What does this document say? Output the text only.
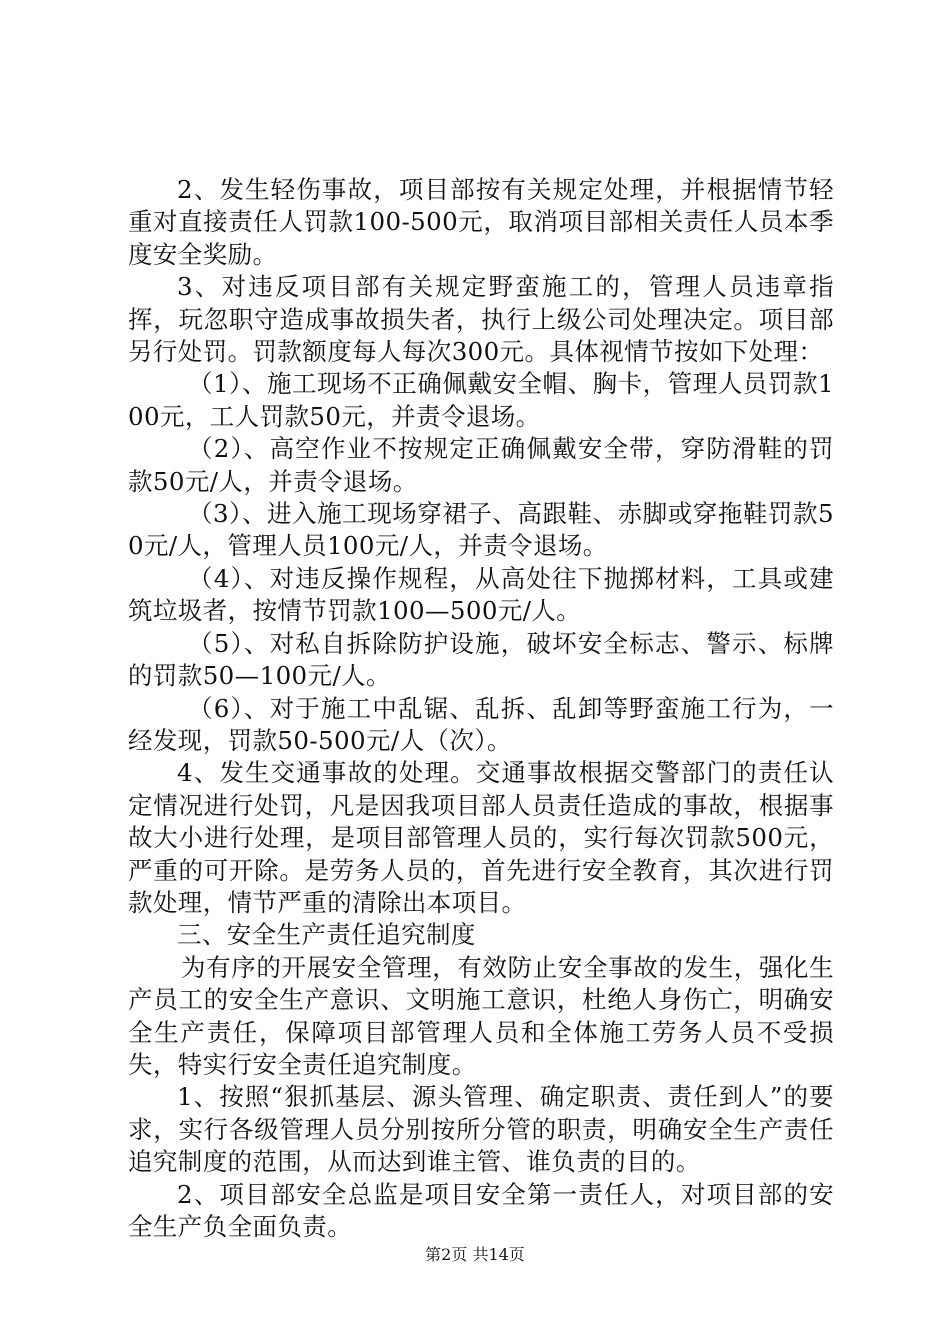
2、发生轻伤事故，项目部按有关规定处理，并根据情节轻重对直接责任人罚款100-500元，取消项目部相关责任人员本季度安全奖励。

3、对违反项目部有关规定野蛮施工的，管理人员违章指挥，玩忽职守造成事故损失者，执行上级公司处理决定。项目部另行处罚。罚款额度每人每次300元。具体视情节按如下处理：

（1）、施工现场不正确佩戴安全帽、胸卡，管理人员罚款100元，工人罚款50元，并责令退场。

（2）、高空作业不按规定正确佩戴安全带，穿防滑鞋的罚款50元/人，并责令退场。

（3）、进入施工现场穿裙子、高跟鞋、赤脚或穿拖鞋罚款50元/人，管理人员100元/人，并责令退场。

（4）、对违反操作规程，从高处往下抛掷材料，工具或建筑垃圾者，按情节罚款100—500元/人。

（5）、对私自拆除防护设施，破坏安全标志、警示、标牌的罚款50—100元/人。

（6）、对于施工中乱锯、乱拆、乱卸等野蛮施工行为，一经发现，罚款50-500元/人（次）。

4、发生交通事故的处理。交通事故根据交警部门的责任认定情况进行处罚，凡是因我项目部人员责任造成的事故，根据事故大小进行处理，是项目部管理人员的，实行每次罚款500元，严重的可开除。是劳务人员的，首先进行安全教育，其次进行罚款处理，情节严重的清除出本项目。

三、安全生产责任追究制度

为有序的开展安全管理，有效防止安全事故的发生，强化生产员工的安全生产意识、文明施工意识，杜绝人身伤亡，明确安全生产责任，保障项目部管理人员和全体施工劳务人员不受损失，特实行安全责任追究制度。

1、按照“狠抓基层、源头管理、确定职责、责任到人”的要求，实行各级管理人员分别按所分管的职责，明确安全生产责任追究制度的范围，从而达到谁主管、谁负责的目的。

2、项目部安全总监是项目安全第一责任人，对项目部的安全生产负全面负责。

第2页 共14页
